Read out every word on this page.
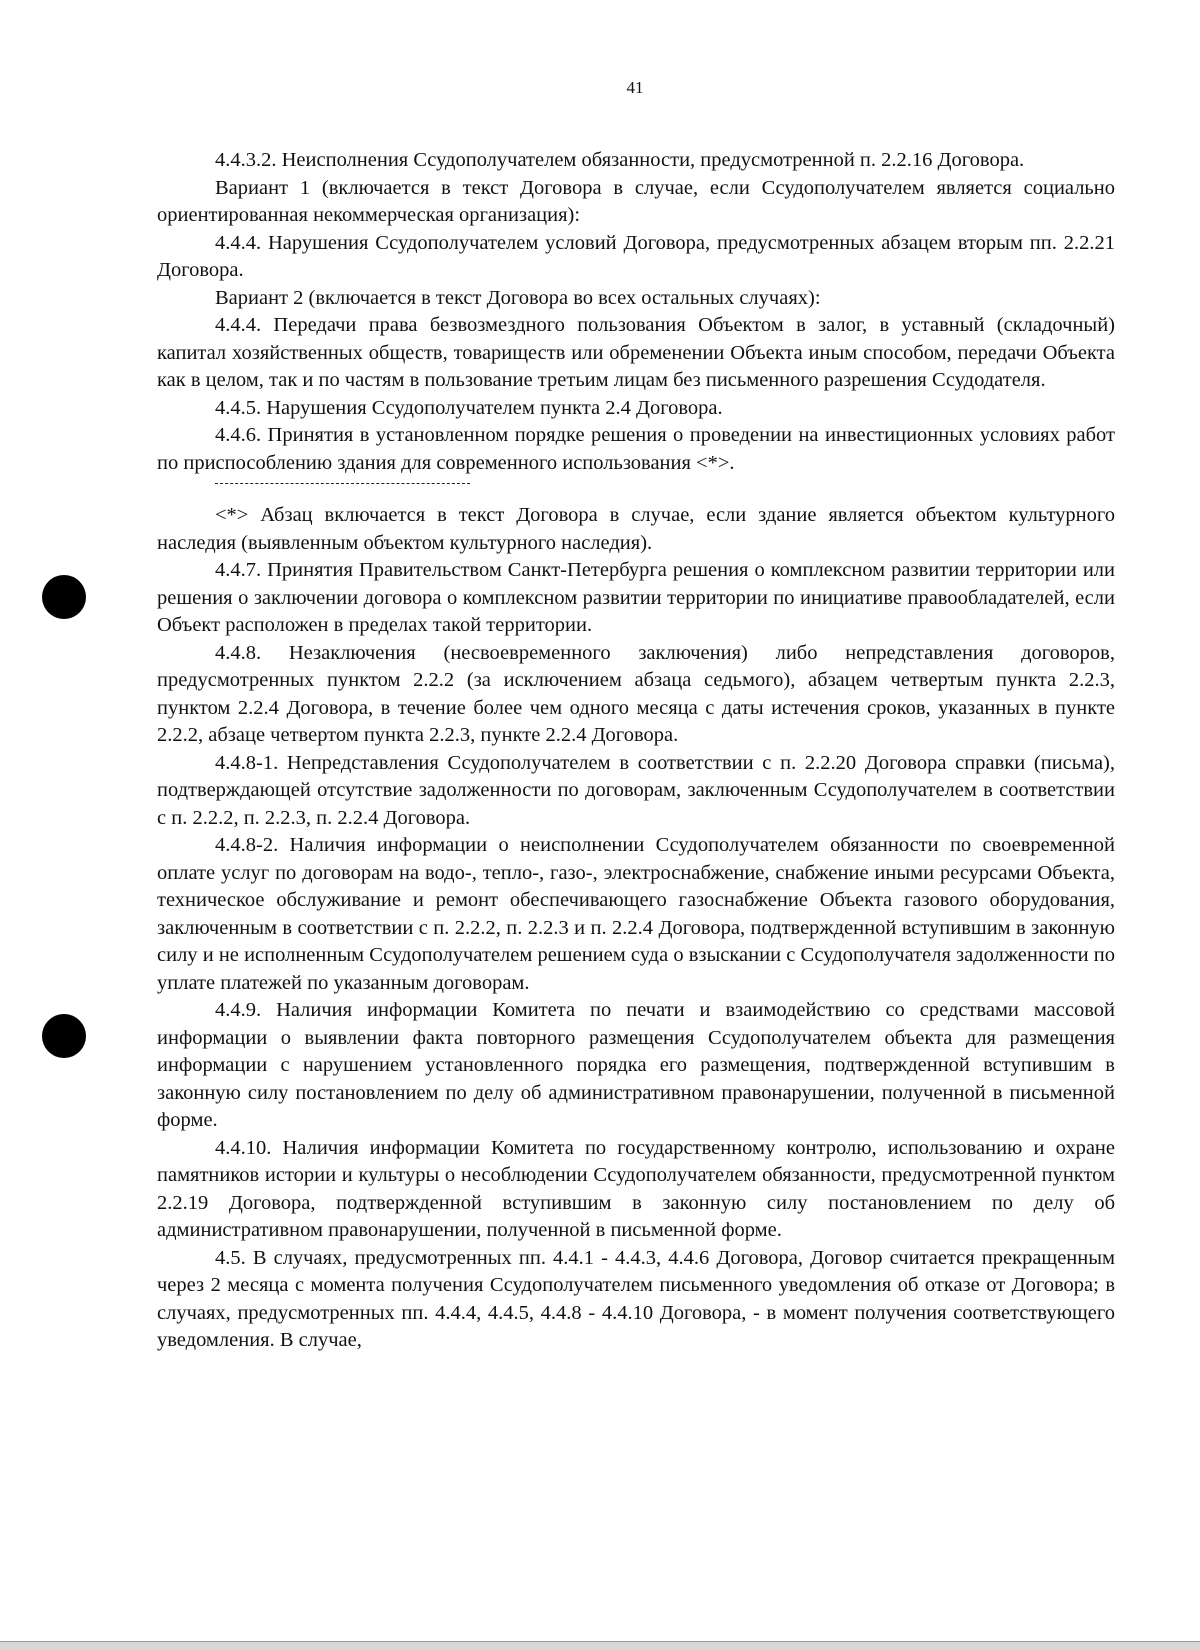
41

4.4.3.2. Неисполнения Ссудополучателем обязанности, предусмотренной п. 2.2.16 Договора.

Вариант 1 (включается в текст Договора в случае, если Ссудополучателем является социально ориентированная некоммерческая организация):

4.4.4. Нарушения Ссудополучателем условий Договора, предусмотренных абзацем вторым пп. 2.2.21 Договора.

Вариант 2 (включается в текст Договора во всех остальных случаях):

4.4.4. Передачи права безвозмездного пользования Объектом в залог, в уставный (складочный) капитал хозяйственных обществ, товариществ или обременении Объекта иным способом, передачи Объекта как в целом, так и по частям в пользование третьим лицам без письменного разрешения Ссудодателя.

4.4.5. Нарушения Ссудополучателем пункта 2.4 Договора.

4.4.6. Принятия в установленном порядке решения о проведении на инвестиционных условиях работ по приспособлению здания для современного использования <*>.

<*> Абзац включается в текст Договора в случае, если здание является объектом культурного наследия (выявленным объектом культурного наследия).

4.4.7. Принятия Правительством Санкт-Петербурга решения о комплексном развитии территории или решения о заключении договора о комплексном развитии территории по инициативе правообладателей, если Объект расположен в пределах такой территории.

4.4.8. Незаключения (несвоевременного заключения) либо непредставления договоров, предусмотренных пунктом 2.2.2 (за исключением абзаца седьмого), абзацем четвертым пункта 2.2.3, пунктом 2.2.4 Договора, в течение более чем одного месяца с даты истечения сроков, указанных в пункте 2.2.2, абзаце четвертом пункта 2.2.3, пункте 2.2.4 Договора.

4.4.8-1. Непредставления Ссудополучателем в соответствии с п. 2.2.20 Договора справки (письма), подтверждающей отсутствие задолженности по договорам, заключенным Ссудополучателем в соответствии с п. 2.2.2, п. 2.2.3, п. 2.2.4 Договора.

4.4.8-2. Наличия информации о неисполнении Ссудополучателем обязанности по своевременной оплате услуг по договорам на водо-, тепло-, газо-, электроснабжение, снабжение иными ресурсами Объекта, техническое обслуживание и ремонт обеспечивающего газоснабжение Объекта газового оборудования, заключенным в соответствии с п. 2.2.2, п. 2.2.3 и п. 2.2.4 Договора, подтвержденной вступившим в законную силу и не исполненным Ссудополучателем решением суда о взыскании с Ссудополучателя задолженности по уплате платежей по указанным договорам.

4.4.9. Наличия информации Комитета по печати и взаимодействию со средствами массовой информации о выявлении факта повторного размещения Ссудополучателем объекта для размещения информации с нарушением установленного порядка его размещения, подтвержденной вступившим в законную силу постановлением по делу об административном правонарушении, полученной в письменной форме.

4.4.10. Наличия информации Комитета по государственному контролю, использованию и охране памятников истории и культуры о несоблюдении Ссудополучателем обязанности, предусмотренной пунктом 2.2.19 Договора, подтвержденной вступившим в законную силу постановлением по делу об административном правонарушении, полученной в письменной форме.

4.5. В случаях, предусмотренных пп. 4.4.1 - 4.4.3, 4.4.6 Договора, Договор считается прекращенным через 2 месяца с момента получения Ссудополучателем письменного уведомления об отказе от Договора; в случаях, предусмотренных пп. 4.4.4, 4.4.5, 4.4.8 - 4.4.10 Договора, - в момент получения соответствующего уведомления. В случае,
